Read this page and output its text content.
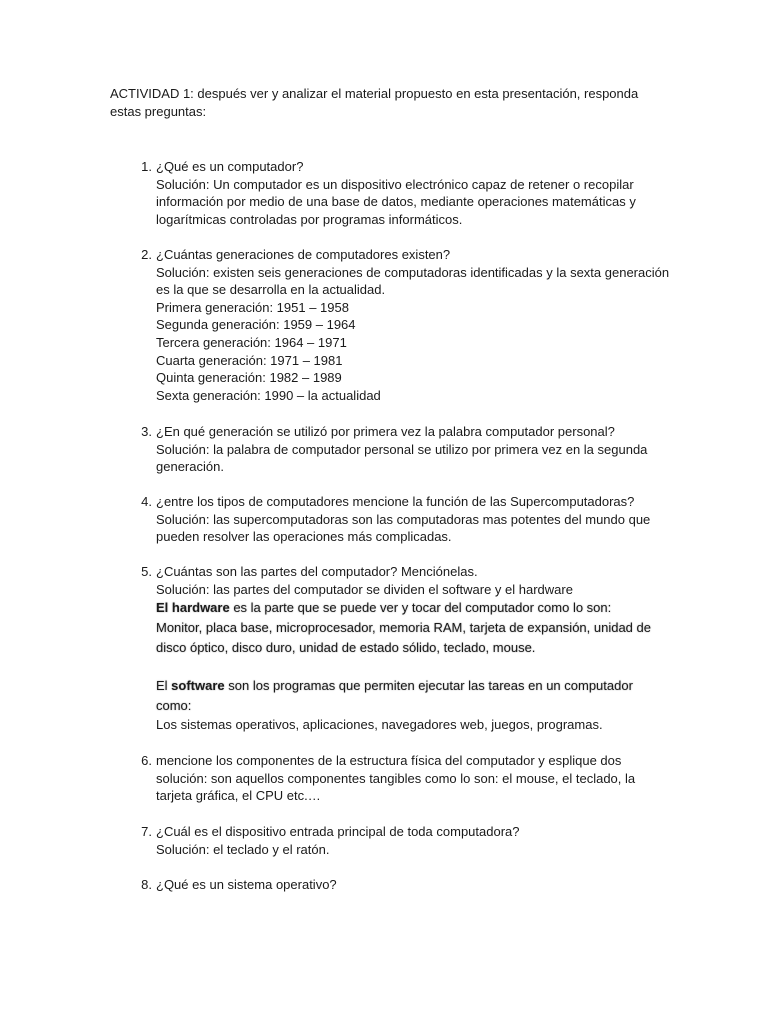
ACTIVIDAD 1: después ver y analizar el material propuesto en esta presentación, responda estas preguntas:

1. ¿Qué es un computador?

Solución: Un computador es un dispositivo electrónico capaz de retener o recopilar información por medio de una base de datos, mediante operaciones matemáticas y logarítmicas controladas por programas informáticos.

2. ¿Cuántas generaciones de computadores existen?

Solución: existen seis generaciones de computadoras identificadas y la sexta generación es la que se desarrolla en la actualidad.

Primera generación: 1951 – 1958

Segunda generación: 1959 – 1964

Tercera generación: 1964 – 1971

Cuarta generación: 1971 – 1981

Quinta generación: 1982 – 1989

Sexta generación: 1990 – la actualidad

3. ¿En qué generación se utilizó por primera vez la palabra computador personal?

Solución: la palabra de computador personal se utilizo por primera vez en la segunda generación.

4. ¿entre los tipos de computadores mencione la función de las Supercomputadoras?

Solución: las supercomputadoras son las computadoras mas potentes del mundo que pueden resolver las operaciones más complicadas.

5. ¿Cuántas son las partes del computador? Menciónelas.

Solución: las partes del computador se dividen el software y el hardware

El hardware es la parte que se puede ver y tocar del computador como lo son:

Monitor, placa base, microprocesador, memoria RAM, tarjeta de expansión, unidad de disco óptico, disco duro, unidad de estado sólido, teclado, mouse.

El software son los programas que permiten ejecutar las tareas en un computador como:

Los sistemas operativos, aplicaciones, navegadores web, juegos, programas.

6. mencione los componentes de la estructura física del computador y esplique dos

solución: son aquellos componentes tangibles como lo son: el mouse, el teclado, la tarjeta gráfica, el CPU etc.…

7. ¿Cuál es el dispositivo entrada principal de toda computadora?

Solución: el teclado y el ratón.

8. ¿Qué es un sistema operativo?
